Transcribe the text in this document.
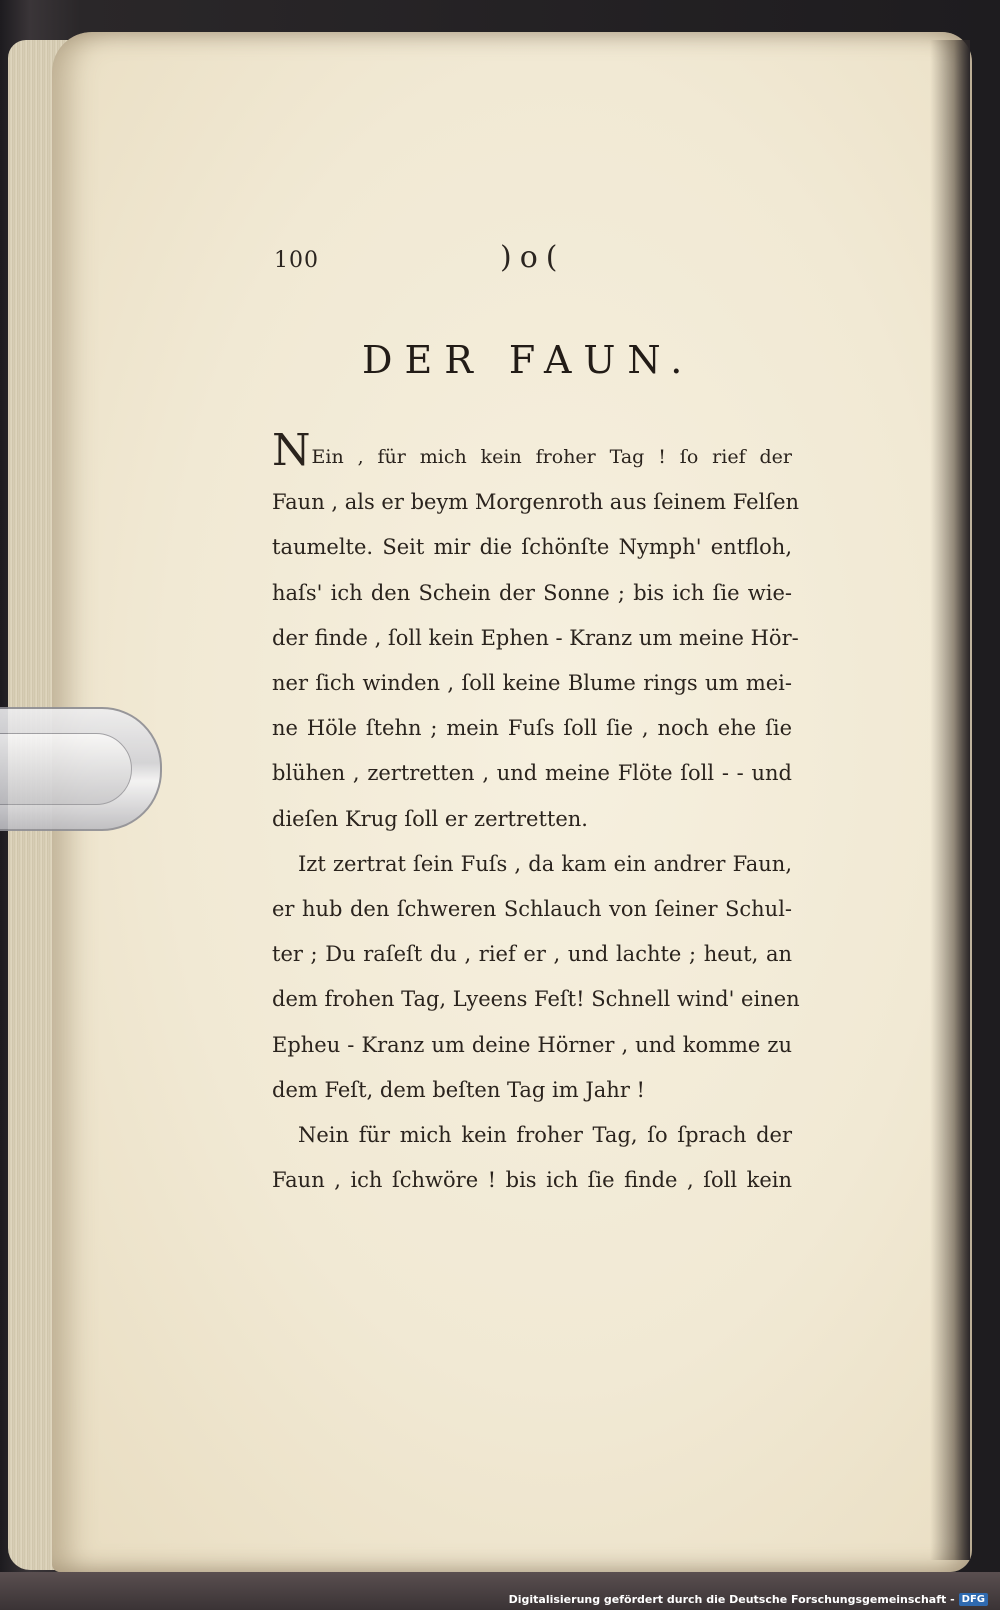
100	)o(
DER FAUN.
NEin , für mich kein froher Tag ! ſo rief der
Faun , als er beym Morgenroth aus ſeinem Felſen
taumelte. Seit mir die ſchönſte Nymph' entfloh,
haſs' ich den Schein der Sonne ; bis ich ſie wie-
der finde , ſoll kein Ephen - Kranz um meine Hör-
ner ſich winden , ſoll keine Blume rings um mei-
ne Höle ſtehn ; mein Fuſs ſoll ſie , noch ehe ſie
blühen , zertretten , und meine Flöte ſoll - - und
dieſen Krug ſoll er zertretten.
Izt zertrat ſein Fuſs , da kam ein andrer Faun,
er hub den ſchweren Schlauch von ſeiner Schul-
ter ; Du raſeſt du , rief er , und lachte ; heut, an
dem frohen Tag, Lyeens Feſt! Schnell wind' einen
Epheu - Kranz um deine Hörner , und komme zu
dem Feſt, dem beſten Tag im Jahr !
Nein für mich kein froher Tag, ſo ſprach der
Faun , ich ſchwöre ! bis ich ſie finde , ſoll kein
Digitalisierung gefördert durch die Deutsche Forschungsgemeinschaft - DFG
